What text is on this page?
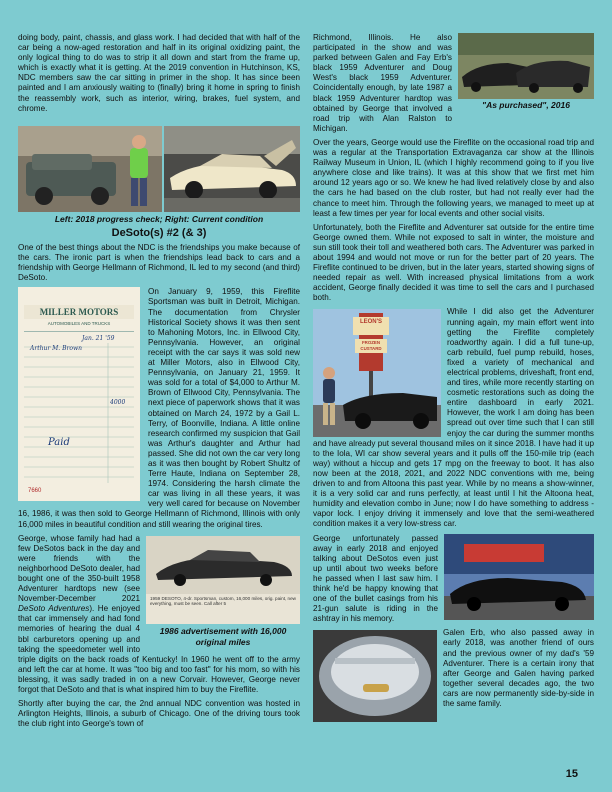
doing body, paint, chassis, and glass work. I had decided that with half of the car being a now-aged restoration and half in its original oxidizing paint, the only logical thing to do was to strip it all down and start from the frame up, which is exactly what it is getting. At the 2019 convention in Hutchinson, KS, NDC members saw the car sitting in primer in the shop. It has since been painted and I am anxiously waiting to (finally) bring it home in spring to finish the reassembly work, such as interior, wiring, brakes, fuel system, and chrome.

Left: 2018 progress check; Right: Current condition
DeSoto(s) #2 (& 3)

One of the best things about the NDC is the friendships you make because of the cars. The ironic part is when the friendships lead back to cars and a friendship with George Hellmann of Richmond, IL led to my second (and third) DeSoto.

MILLER MOTORS
AUTOMOBILES AND TRUCKS
Jan. 21 '59
Arthur M. Brown
4000
Paid
7660

On January 9, 1959, this Fireflite Sportsman was built in Detroit, Michigan. The documentation from Chrysler Historical Society shows it was then sent to Mahoning Motors, Inc. in Ellwood City, Pennsylvania. However, an original receipt with the car says it was sold new at Miller Motors, also in Ellwood City, Pennsylvania, on January 21, 1959. It was sold for a total of $4,000 to Arthur M. Brown of Ellwood City, Pennsylvania. The next piece of paperwork shows that it was obtained on March 24, 1972 by a Gail L. Terry, of Boonville, Indiana. A little online research confirmed my suspicion that Gail was Arthur's daughter and Arthur had passed. She did not own the car very long as it was then bought by Robert Shultz of Terre Haute, Indiana on September 28, 1974. Considering the harsh climate the car was living in all these years, it was very well cared for because on November 16, 1986, it was then sold to George Hellmann of Richmond, Illinois with only 16,000 miles in beautiful condition and still wearing the original tires.

1959 DESOTO, 4-dr. Sportsman, custom, 16,000 miles, orig. paint, new everything, must be seen. Call after 5
1986 advertisement with 16,000 original miles

George, whose family had had a few DeSotos back in the day and were friends with the neighborhood DeSoto dealer, had bought one of the 350-built 1958 Adventurer hardtops new (see November-December 2021 DeSoto Adventures). He enjoyed that car immensely and had fond memories of hearing the dual 4 bbl carburetors opening up and taking the speedometer well into triple digits on the back roads of Kentucky! In 1960 he went off to the army and left the car at home. It was "too big and too fast" for his mom, so with his blessing, it was sadly traded in on a new Corvair. However, George never forgot that DeSoto and that is what inspired him to buy the Fireflite.

Shortly after buying the car, the 2nd annual NDC convention was hosted in Arlington Heights, Illinois, a suburb of Chicago. One of the driving tours took the club right into George's town of

"As purchased", 2016

Richmond, Illinois. He also participated in the show and was parked between Galen and Fay Erb's black 1959 Adventurer and Doug West's black 1959 Adventurer. Coincidentally enough, by late 1987 a black 1959 Adventurer hardtop was obtained by George that involved a road trip with Alan Ralston to Michigan.

Over the years, George would use the Fireflite on the occasional road trip and was a regular at the Transportation Extravaganza car show at the Illinois Railway Museum in Union, IL (which I highly recommend going to if you live anywhere close and like trains). It was at this show that we first met him around 12 years ago or so. We knew he had lived relatively close by and also the cars he had based on the club roster, but had not really ever had the chance to meet him. Through the following years, we managed to meet up at least a few times per year for local events and other social visits.

Unfortunately, both the Fireflite and Adventurer sat outside for the entire time George owned them. While not exposed to salt in winter, the moisture and sun still took their toll and weathered both cars. The Adventurer was parked in about 1994 and would not move or run for the better part of 20 years. The Fireflite continued to be driven, but in the later years, started showing signs of needed repair as well. With increased physical limitations from a work accident, George finally decided it was time to sell the cars and I purchased both.

LEON'S
FROZEN CUSTARD
While I did also get the Adventurer running again, my main effort went into getting the Fireflite completely roadworthy again. I did a full tune-up, carb rebuild, fuel pump rebuild, hoses, fixed a variety of mechanical and electrical problems, driveshaft, front end, and tires, while more recently starting on cosmetic restorations such as doing the entire dashboard in early 2021. However, the work I am doing has been spread out over time such that I can still enjoy the car during the summer months and have already put several thousand miles on it since 2018. I have had it up to the Iola, WI car show several years and it pulls off the 150-mile trip (each way) without a hiccup and gets 17 mpg on the freeway to boot. It has also now been at the 2018, 2021, and 2022 NDC conventions with me, being driven to and from Altoona this past year. While by no means a show-winner, it is a very solid car and runs perfectly, at least until I hit the Altoona heat, humidity and elevation combo in June; now I do have something to address - vapor lock. I enjoy driving it immensely and love that the semi-weathered condition makes it a very low-stress car.

George unfortunately passed away in early 2018 and enjoyed talking about DeSotos even just up until about two weeks before he passed when I last saw him. I think he'd be happy knowing that one of the bullet casings from his 21-gun salute is riding in the ashtray in his memory.

Galen Erb, who also passed away in early 2018, was another friend of ours and the previous owner of my dad's '59 Adventurer. There is a certain irony that after George and Galen having parked together several decades ago, the two cars are now permanently side-by-side in the same family.

15
